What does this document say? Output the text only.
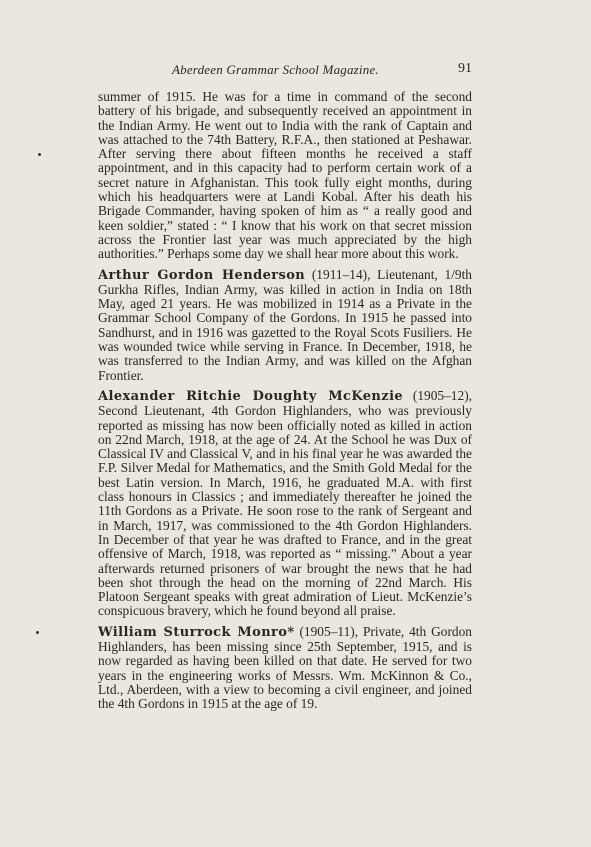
Aberdeen Grammar School Magazine.	91

summer of 1915. He was for a time in command of the second battery of his brigade, and subsequently received an appointment in the Indian Army. He went out to India with the rank of Captain and was attached to the 74th Battery, R.F.A., then stationed at Peshawar. After serving there about fifteen months he received a staff appointment, and in this capacity had to perform certain work of a secret nature in Afghanistan. This took fully eight months, during which his headquarters were at Landi Kobal. After his death his Brigade Commander, having spoken of him as “ a really good and keen soldier,” stated : “ I know that his work on that secret mission across the Frontier last year was much appreciated by the high authorities.” Perhaps some day we shall hear more about this work.

Arthur Gordon Henderson (1911–14), Lieutenant, 1/9th Gurkha Rifles, Indian Army, was killed in action in India on 18th May, aged 21 years. He was mobilized in 1914 as a Private in the Grammar School Company of the Gordons. In 1915 he passed into Sandhurst, and in 1916 was gazetted to the Royal Scots Fusiliers. He was wounded twice while serving in France. In December, 1918, he was transferred to the Indian Army, and was killed on the Afghan Frontier.

Alexander Ritchie Doughty McKenzie (1905–12), Second Lieutenant, 4th Gordon Highlanders, who was previously reported as missing has now been officially noted as killed in action on 22nd March, 1918, at the age of 24. At the School he was Dux of Classical IV and Classical V, and in his final year he was awarded the F.P. Silver Medal for Mathematics, and the Smith Gold Medal for the best Latin version. In March, 1916, he graduated M.A. with first class honours in Classics ; and immediately thereafter he joined the 11th Gordons as a Private. He soon rose to the rank of Sergeant and in March, 1917, was commissioned to the 4th Gordon Highlanders. In December of that year he was drafted to France, and in the great offensive of March, 1918, was reported as “ missing.” About a year afterwards returned prisoners of war brought the news that he had been shot through the head on the morning of 22nd March. His Platoon Sergeant speaks with great admiration of Lieut. McKenzie’s conspicuous bravery, which he found beyond all praise.

William Sturrock Monro* (1905–11), Private, 4th Gordon Highlanders, has been missing since 25th September, 1915, and is now regarded as having been killed on that date. He served for two years in the engineering works of Messrs. Wm. McKinnon & Co., Ltd., Aberdeen, with a view to becoming a civil engineer, and joined the 4th Gordons in 1915 at the age of 19.
